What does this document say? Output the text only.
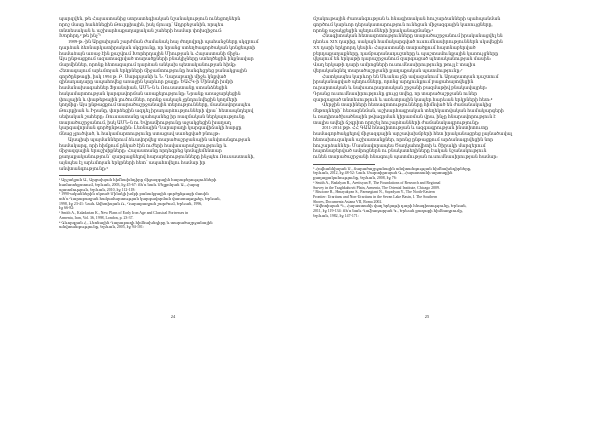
պարզվեն, թե Հայաստանից ստրատեգիական նշանակություն ունեցողներն
որոշ մասը հանձնեցին Թուրքիային, իսկ մյուսը՝ Ադրբեջանին, որպես
տնտեսական և աշխարհաքաղաքական շահերի համար փոխզիջում:
Խորհրդ.² թե ինչ՞¹

1989-թ․-ին Արցախյան շարժման ժամանակ հայ ժողովրդի պահանջները սկզբում
դարձան ձեռնարկատիրական սկզբունք, որ նրանց ստեղծագործական կոնցեպտի
համաձայն առաջ էին քաշվում Խորհրդային Միության և Հայաստանի միջև։
Այս ընթացքում ազատագրված տարածքների բնակիչները ստեղծեցին ինքնավար
մարմիններ, որոնք հետագայում դարձան անկախ պետականության հիմք։
Հետագայում արևմտյան երկրների միջամտությունը հանգեցրեց բանակցային
գործընթացի, իսկ 1994 թ. Բ. Սարգսյանի և Ն. Ղարաբաղի միջև կնքված
զինադադարը ապահովեց առաջին կարևոր քայլը։ ԵԱՀԿ-ի Մինսկի խմբի
համանախագահներ Ֆրանսիան, ԱՄՆ-ն և Ռուսաստանը ստանձնեցին
հակամարտության կարգավորման առաքելությունը։ Նրանք առաջարկեցին
փուլային և փաթեթային լուծումներ, որոնք սակայն չընդունվեցին կողմերի
կողմից։ Այս ընթացքում տարածաշրջանային տերությունները, մասնավորապես
Թուրքիան և Իրանը, փորձեցին ազդել իրադարձությունների վրա՝ հետապնդելով
սեփական շահերը։ Ռուսաստանը պահպանեց իր ռազմական ներկայությունը
տարածաշրջանում, իսկ ԱՄՆ-ն ու Եվրամիությունը աջակցեցին խաղաղ
կարգավորման գործընթացին։ Լեռնային Ղարաբաղի կարգավիճակի հարցը
մնաց չլուծված, և հակամարտությունը ստացավ սառեցված բնույթ։

Այսպիսի պայմաններում ձևավորվեց տարածաշրջանային անվտանգության
համակարգ, որի հիմքում ընկած էին ուժերի հավասարակշռությունը և
միջազգային երաշխիքները։ Հայաստանը որդեգրեց կոմպլեմենտար
քաղաքականություն՝ զարգացնելով հարաբերությունները ինչպես Ռուսաստանի,
այնպես էլ արևմտյան երկրների հետ՝ ապահովելու համար իր
անվտանգությունը։⁵

¹ Արշակյան Ա., Արցախյան հիմնախնդիրը միջազգային հարաբերությունների
համատեքստում, Երևան, 2003, էջ 45-67: Տե՛ս նաև Մելքոնյան Ա., Հայոց
պատմություն, Երևան, 2010, էջ 112-118:

² 1990-ականներին սկսած Մինսկի խմբի բանակցային գործընթացի մասին
տե՛ս Ղարաբաղյան հակամարտության կարգավորման փաստաթղթեր, Երևան,
1998, էջ 23-41: Նաև Ավետիսյան Ռ., Ղարաբաղյան շարժում, Երևան, 1996,
էջ 66-82:

³ Smith A., Kaladarian K., New Plans of Early Iron Age and Classical Fortresses in
Armenia, Iran, Vol. 36, 1998, London, p. 23-37.

⁴ Գևորգյան Հ., Լեռնային Ղարաբաղի հիմնախնդիրը և տարածաշրջանային
անվտանգությունը, Երևան, 2005, էջ 94-101:

24

մշակութային ժառանգության և հնագիտական հուշարձանների պահպանման
գործում կարևոր դերակատարություն ունեցան միջազգային կառույցները,
որոնք աջակցեցին պեղումների իրականացմանը։⁶

Հնագիտական հետազոտությունները տարածաշրջանում իրականացվել են
դեռևս XIX դարից, սակայն համակարգված ուսումնասիրություններն սկսվեցին
XX դարի երկրորդ կեսին։ Հայաստանի տարածքում հայտնաբերված
բերդաքաղաքները, դամբարանադաշտերը և պաշտամունքային կառույցները
վկայում են երկաթի դարաշրջանում զարգացած պետականության մասին։
Վաղ երկաթի դարի ամրոցների ուսումնասիրությունը թույլ է տալիս
վերականգնել տարածաշրջանի քաղաքական պատմությունը։⁷

Հատկապես կարևոր են Սևանա լճի ավազանում և Արարատյան դաշտում
իրականացված պեղումները, որոնց արդյունքում բացահայտվեցին
ուրարտական և նախաուրարտական շրջանի բազմաթիվ բնակավայրեր։
Դրանց ուսումնասիրությունը ցույց տվեց, որ տարածաշրջանն ուներ
զարգացած տնտեսություն և առևտրային կապեր հարևան երկրների հետ։⁸

Վերջին տարիների հետազոտությունները հիմնված են ժամանակակից
մեթոդների՝ հեռազննման, աշխարհագրական տեղեկատվական համակարգերի
և ռադիոածխածնային թվագրման կիրառման վրա, ինչը հնարավորություն է
տալիս ավելի ճշգրիտ որոշել հուշարձանների ժամանակագրությունը։

2011-2014 թթ. ՀՀ ԳԱԱ հնագիտության և ազգագրության ինստիտուտը
համագործակցելով միջազգային արշավախմբերի հետ իրականացրեց լայնածավալ
հետախուզական աշխատանքներ, որոնց ընթացքում արձանագրվեցին նոր
հուշարձաններ։ Մասնավորապես Ծաղկահովիտի և Շիրակի մարզերում
հայտնաբերված ամրոցներն ու բնակատեղիները էական նշանակություն
ունեն տարածաշրջանի հնագույն պատմության ուսումնասիրության համար։

⁵ Հովհաննիսյան Ս., Տարածաշրջանային անվտանգության հիմնախնդիրները,
Երևան, 2012, էջ 48-52: Նաև Մարտիրոսյան Գ., Հայաստանի արտաքին
քաղաքականությունը, Երևան, 2008, էջ 76:

⁶ Smith A., Badalyan R., Avetisyan P., The Foundations of Research and Regional
Survey in the Tsaghkahovit Plain, Armenia, The Oriental Institute, Chicago 2009.

⁷ Biscione R., Hmayakyan S., Parmegiani N., Sayadyan Y., The North-Eastern
Frontier: Urartians and Non-Urartians in the Sevan Lake Basin, I. The Southern
Shores, Documenta Asiana VII, Roma 2002.

⁸ Ավետիսյան Պ., Հայաստանի վաղ երկաթի դարի հնագիտությունը, Երևան,
2011, էջ 119-134: Տե՛ս նաև Ղաֆադարյան Կ., Երևան քաղաքի հիմնադրումը,
Երևան, 1982, էջ 147-171:

25
